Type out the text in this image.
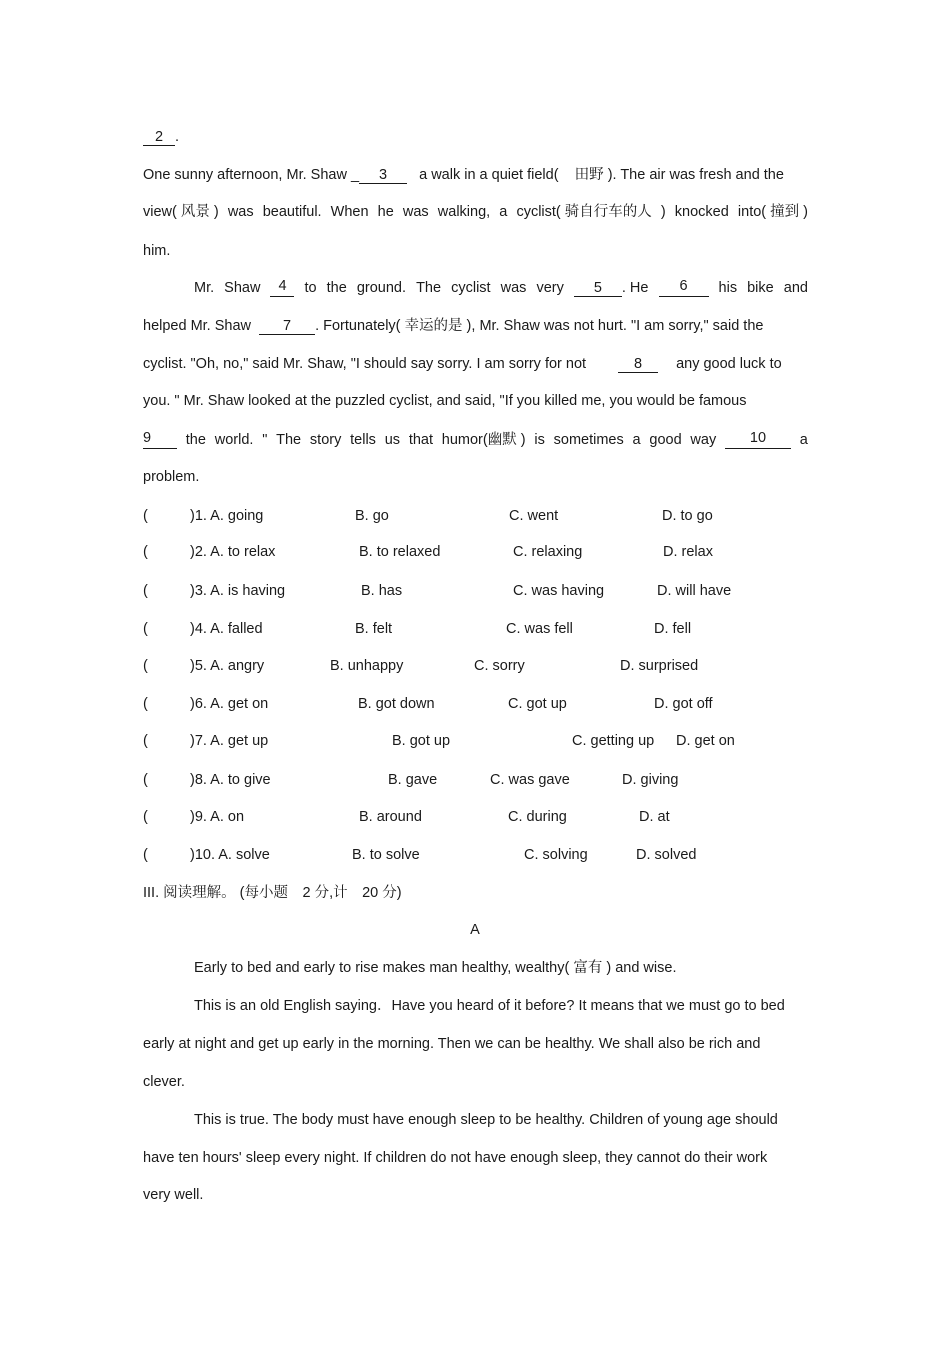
2 .
One sunny afternoon, Mr. Shaw _ 3 a walk in a quiet field( 田野 ). The air was fresh and the
view( 风景 ) was beautiful. When he was walking, a cyclist( 骑自行车的人 ) knocked into( 撞到 )
him.
Mr. Shaw	4	to the ground. The cyclist was very	5 . He	6	his bike and
helped Mr. Shaw 7 . Fortunately( 幸运的是 ), Mr. Shaw was not hurt. "I am sorry," said the
cyclist. "Oh, no," said Mr. Shaw, "I should say sorry. I am sorry for not	8 any good luck to
you. " Mr. Shaw looked at the puzzled cyclist, and said, "If you killed me, you would be famous
9	the world. " The story tells us that humor(幽默 ) is sometimes a good way	10	a
problem.
(	)1. A. going	B. go	C. went	D. to go
(	)2. A. to relax	B. to relaxed	C. relaxing	D. relax
(	)3. A. is having	B. has	C. was having	D. will have
(	)4. A. falled	B. felt	C. was fell	D. fell
(	)5. A. angry	B. unhappy	C. sorry	D. surprised
(	)6. A. get on	B. got down	C. got up	D. got off
(	)7. A. get up	B. got up	C. getting up D. get on
(	)8. A. to give	B. gave	C. was gave	D. giving
(	)9. A. on	B. around	C. during	D. at
(	)10. A. solve	B. to solve	C. solving	D. solved
III. 阅读理解。 (每小题　2 分,计　20 分)
A
Early to bed and early to rise makes man healthy, wealthy( 富有 ) and wise.
This is an old English saying．Have you heard of it before? It means that we must go to bed
early at night and get up early in the morning. Then we can be healthy. We shall also be rich and
clever.
This is true. The body must have enough sleep to be healthy. Children of young age should
have ten hours' sleep every night. If children do not have enough sleep, they cannot do their work
very well.
